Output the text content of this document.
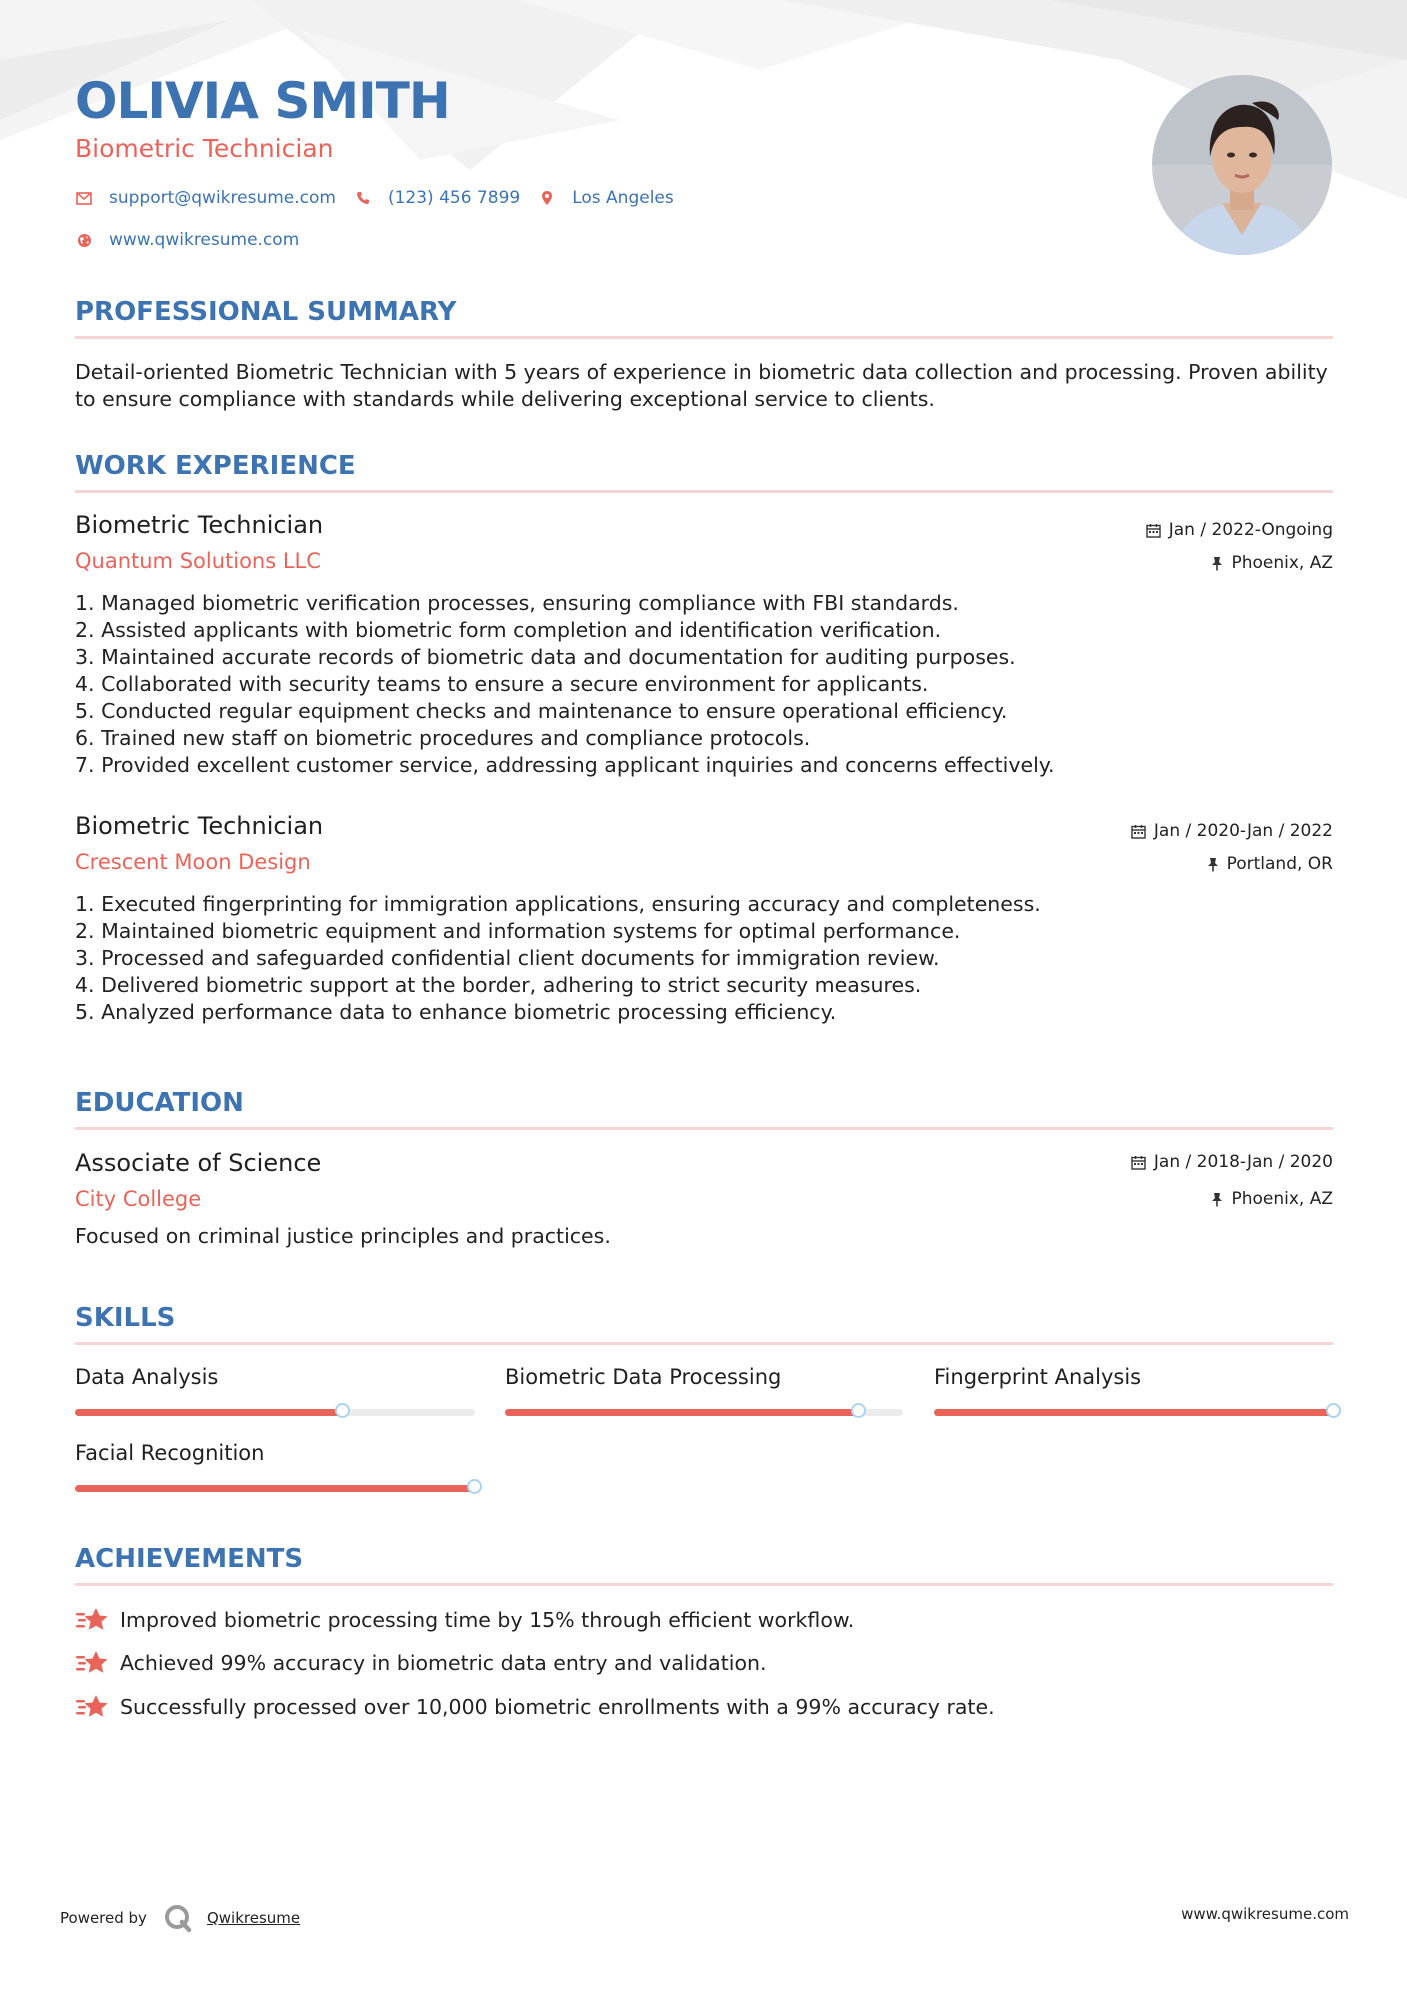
OLIVIA SMITH
Biometric Technician
support@qwikresume.com	(123) 456 7899	Los Angeles
www.qwikresume.com
PROFESSIONAL SUMMARY

Detail-oriented Biometric Technician with 5 years of experience in biometric data collection and processing. Proven ability to ensure compliance with standards while delivering exceptional service to clients.

WORK EXPERIENCE
Biometric Technician
Quantum Solutions LLC
Jan / 2022-Ongoing
Phoenix, AZ
1. Managed biometric verification processes, ensuring compliance with FBI standards.
2. Assisted applicants with biometric form completion and identification verification.
3. Maintained accurate records of biometric data and documentation for auditing purposes.
4. Collaborated with security teams to ensure a secure environment for applicants.
5. Conducted regular equipment checks and maintenance to ensure operational efficiency.
6. Trained new staff on biometric procedures and compliance protocols.
7. Provided excellent customer service, addressing applicant inquiries and concerns effectively.
Biometric Technician
Crescent Moon Design
Jan / 2020-Jan / 2022
Portland, OR
1. Executed fingerprinting for immigration applications, ensuring accuracy and completeness.
2. Maintained biometric equipment and information systems for optimal performance.
3. Processed and safeguarded confidential client documents for immigration review.
4. Delivered biometric support at the border, adhering to strict security measures.
5. Analyzed performance data to enhance biometric processing efficiency.
EDUCATION
Associate of Science
City College
Jan / 2018-Jan / 2020
Phoenix, AZ

Focused on criminal justice principles and practices.

SKILLS
Data Analysis	Biometric Data Processing	Fingerprint Analysis
Facial Recognition
ACHIEVEMENTS
Improved biometric processing time by 15% through efficient workflow.
Achieved 99% accuracy in biometric data entry and validation.
Successfully processed over 10,000 biometric enrollments with a 99% accuracy rate.
Powered by	Qwikresume	www.qwikresume.com
